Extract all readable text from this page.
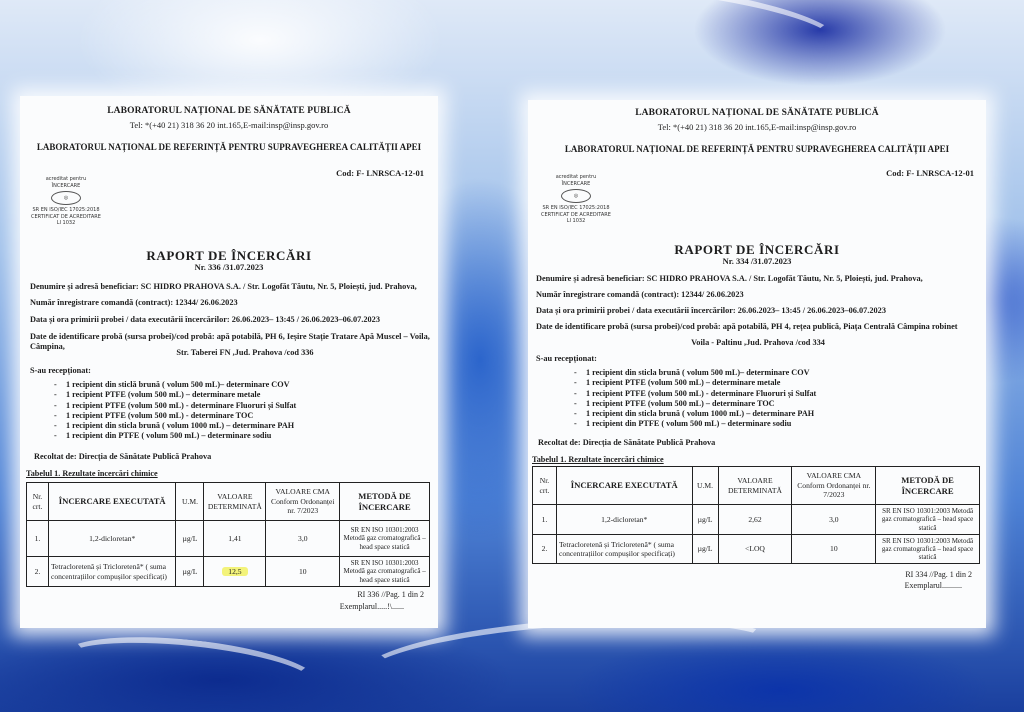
LABORATORUL NAȚIONAL DE SĂNĂTATE PUBLICĂ
Tel: *(+40 21) 318 36 20 int.165,E-mail:insp@insp.gov.ro
LABORATORUL NAȚIONAL DE REFERINȚĂ PENTRU SUPRAVEGHEREA CALITĂȚII APEI
Cod: F- LNRSCA-12-01
acreditat pentru
ÎNCERCARE
◎
SR EN ISO/IEC 17025:2018
CERTIFICAT DE ACREDITARE
LI 1032
RAPORT DE ÎNCERCĂRI
Nr. 336 /31.07.2023
Denumire și adresă beneficiar: SC HIDRO PRAHOVA S.A. / Str. Logofăt Tăutu, Nr. 5, Ploiești, jud. Prahova,
Număr înregistrare comandă (contract): 12344/ 26.06.2023
Data și ora primirii probei / data executării încercărilor: 26.06.2023– 13:45 / 26.06.2023–06.07.2023
Date de identificare probă (sursa probei)/cod probă: apă potabilă, PH 6, Ieșire Stație Tratare Apă Muscel – Voila, Câmpina,
Str. Taberei FN ,Jud. Prahova /cod 336
S-au recepționat:
- 1 recipient din sticlă brună ( volum 500 mL)– determinare COV
- 1 recipient PTFE (volum 500 mL) – determinare metale
- 1 recipient PTFE (volum 500 mL) - determinare Fluoruri și Sulfat
- 1 recipient PTFE (volum 500 mL) - determinare TOC
- 1 recipient din sticla brună ( volum 1000 mL) – determinare PAH
- 1 recipient din PTFE ( volum 500 mL) – determinare sodiu
Recoltat de: Direcția de Sănătate Publică Prahova
Tabelul 1. Rezultate încercări chimice
Nr. crt.	ÎNCERCARE EXECUTATĂ	U.M.	VALOARE DETERMINATĂ	VALOARE CMA Conform Ordonanței nr. 7/2023	METODĂ DE ÎNCERCARE
1.	1,2-dicloretan*	µg/L	1,41	3,0	SR EN ISO 10301:2003 Metodă gaz cromatografică – head space statică
2.	Tetracloretenă și Tricloretenă* ( suma concentrațiilor compușilor specificați)	µg/L	12,5	10	SR EN ISO 10301:2003 Metodă gaz cromatografică – head space statică
RI 336 //Pag. 1 din 2
Exemplarul.....!\......
LABORATORUL NAȚIONAL DE SĂNĂTATE PUBLICĂ
Tel: *(+40 21) 318 36 20 int.165,E-mail:insp@insp.gov.ro
LABORATORUL NAȚIONAL DE REFERINȚĂ PENTRU SUPRAVEGHEREA CALITĂȚII APEI
Cod: F- LNRSCA-12-01
acreditat pentru
ÎNCERCARE
◎
SR EN ISO/IEC 17025:2018
CERTIFICAT DE ACREDITARE
LI 1032
RAPORT DE ÎNCERCĂRI
Nr. 334 /31.07.2023
Denumire și adresă beneficiar: SC HIDRO PRAHOVA S.A. / Str. Logofăt Tăutu, Nr. 5, Ploiești, jud. Prahova,
Număr înregistrare comandă (contract): 12344/ 26.06.2023
Data și ora primirii probei / data executării încercărilor: 26.06.2023– 13:45 / 26.06.2023–06.07.2023
Date de identificare probă (sursa probei)/cod probă: apă potabilă, PH 4, rețea publică, Piața Centrală Câmpina robinet
Voila - Paltinu ,Jud. Prahova /cod 334
S-au recepționat:
- 1 recipient din sticla brună ( volum 500 mL)– determinare COV
- 1 recipient PTFE (volum 500 mL) – determinare metale
- 1 recipient PTFE (volum 500 mL) - determinare Fluoruri și Sulfat
- 1 recipient PTFE (volum 500 mL) – determinare TOC
- 1 recipient din sticla brună ( volum 1000 mL) – determinare PAH
- 1 recipient din PTFE ( volum 500 mL) – determinare sodiu
Recoltat de: Direcția de Sănătate Publică Prahova
Tabelul 1. Rezultate încercări chimice
Nr. crt.	ÎNCERCARE EXECUTATĂ	U.M.	VALOARE DETERMINATĂ	VALOARE CMA Conform Ordonanței nr. 7/2023	METODĂ DE ÎNCERCARE
1.	1,2-dicloretan*	µg/L	2,62	3,0	SR EN ISO 10301:2003 Metodă gaz cromatografică – head space statică
2.	Tetracloretenă și Tricloretenă* ( suma concentrațiilor compușilor specificați)	µg/L	<LOQ	10	SR EN ISO 10301:2003 Metodă gaz cromatografică – head space statică
RI 334 //Pag. 1 din 2
Exemplarul..........
